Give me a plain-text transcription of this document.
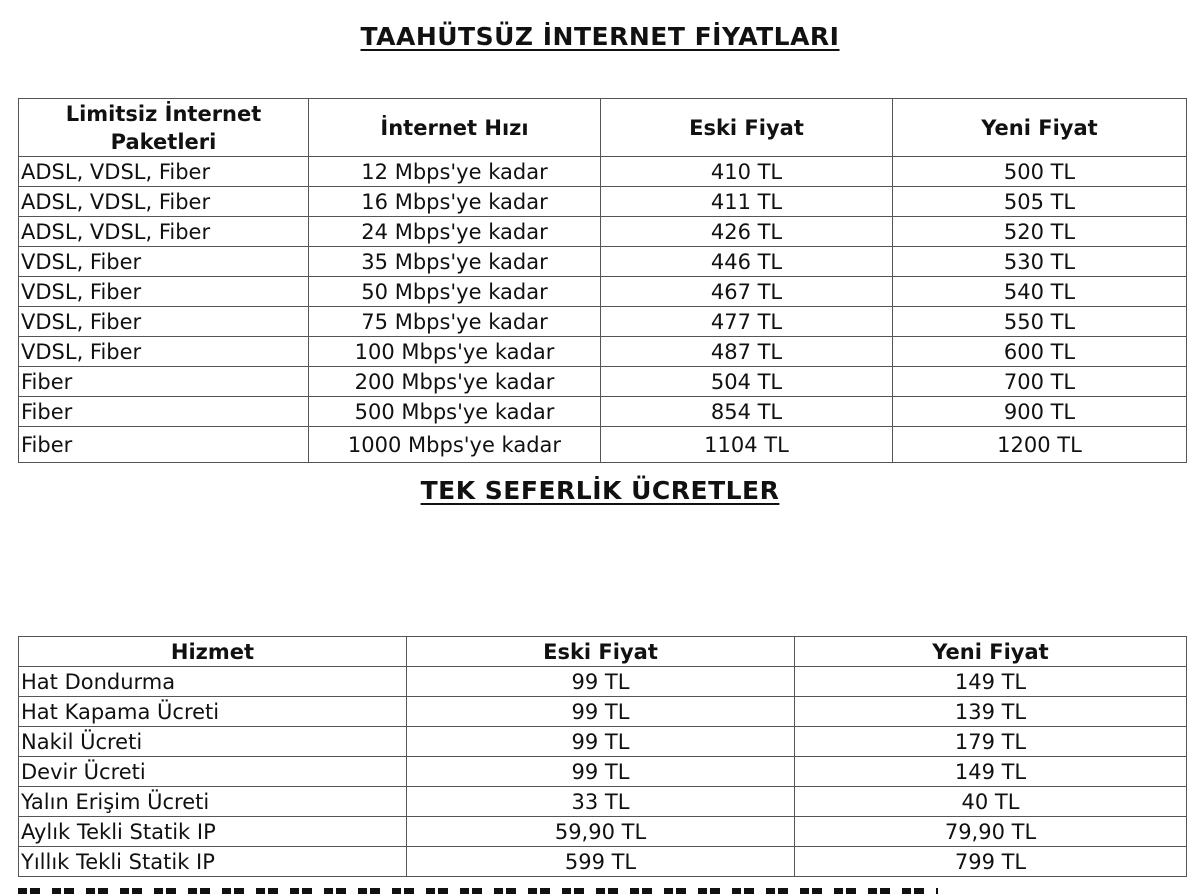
TAAHÜTSÜZ İNTERNET FİYATLARI
Limitsiz İnternet Paketleri	İnternet Hızı	Eski Fiyat	Yeni Fiyat
ADSL, VDSL, Fiber	12 Mbps'ye kadar	410 TL	500 TL
ADSL, VDSL, Fiber	16 Mbps'ye kadar	411 TL	505 TL
ADSL, VDSL, Fiber	24 Mbps'ye kadar	426 TL	520 TL
VDSL, Fiber	35 Mbps'ye kadar	446 TL	530 TL
VDSL, Fiber	50 Mbps'ye kadar	467 TL	540 TL
VDSL, Fiber	75 Mbps'ye kadar	477 TL	550 TL
VDSL, Fiber	100 Mbps'ye kadar	487 TL	600 TL
Fiber	200 Mbps'ye kadar	504 TL	700 TL
Fiber	500 Mbps'ye kadar	854 TL	900 TL
Fiber	1000 Mbps'ye kadar	1104 TL	1200 TL
TEK SEFERLİK ÜCRETLER
Hizmet	Eski Fiyat	Yeni Fiyat
Hat Dondurma	99 TL	149 TL
Hat Kapama Ücreti	99 TL	139 TL
Nakil Ücreti	99 TL	179 TL
Devir Ücreti	99 TL	149 TL
Yalın Erişim Ücreti	33 TL	40 TL
Aylık Tekli Statik IP	59,90 TL	79,90 TL
Yıllık Tekli Statik IP	599 TL	799 TL
